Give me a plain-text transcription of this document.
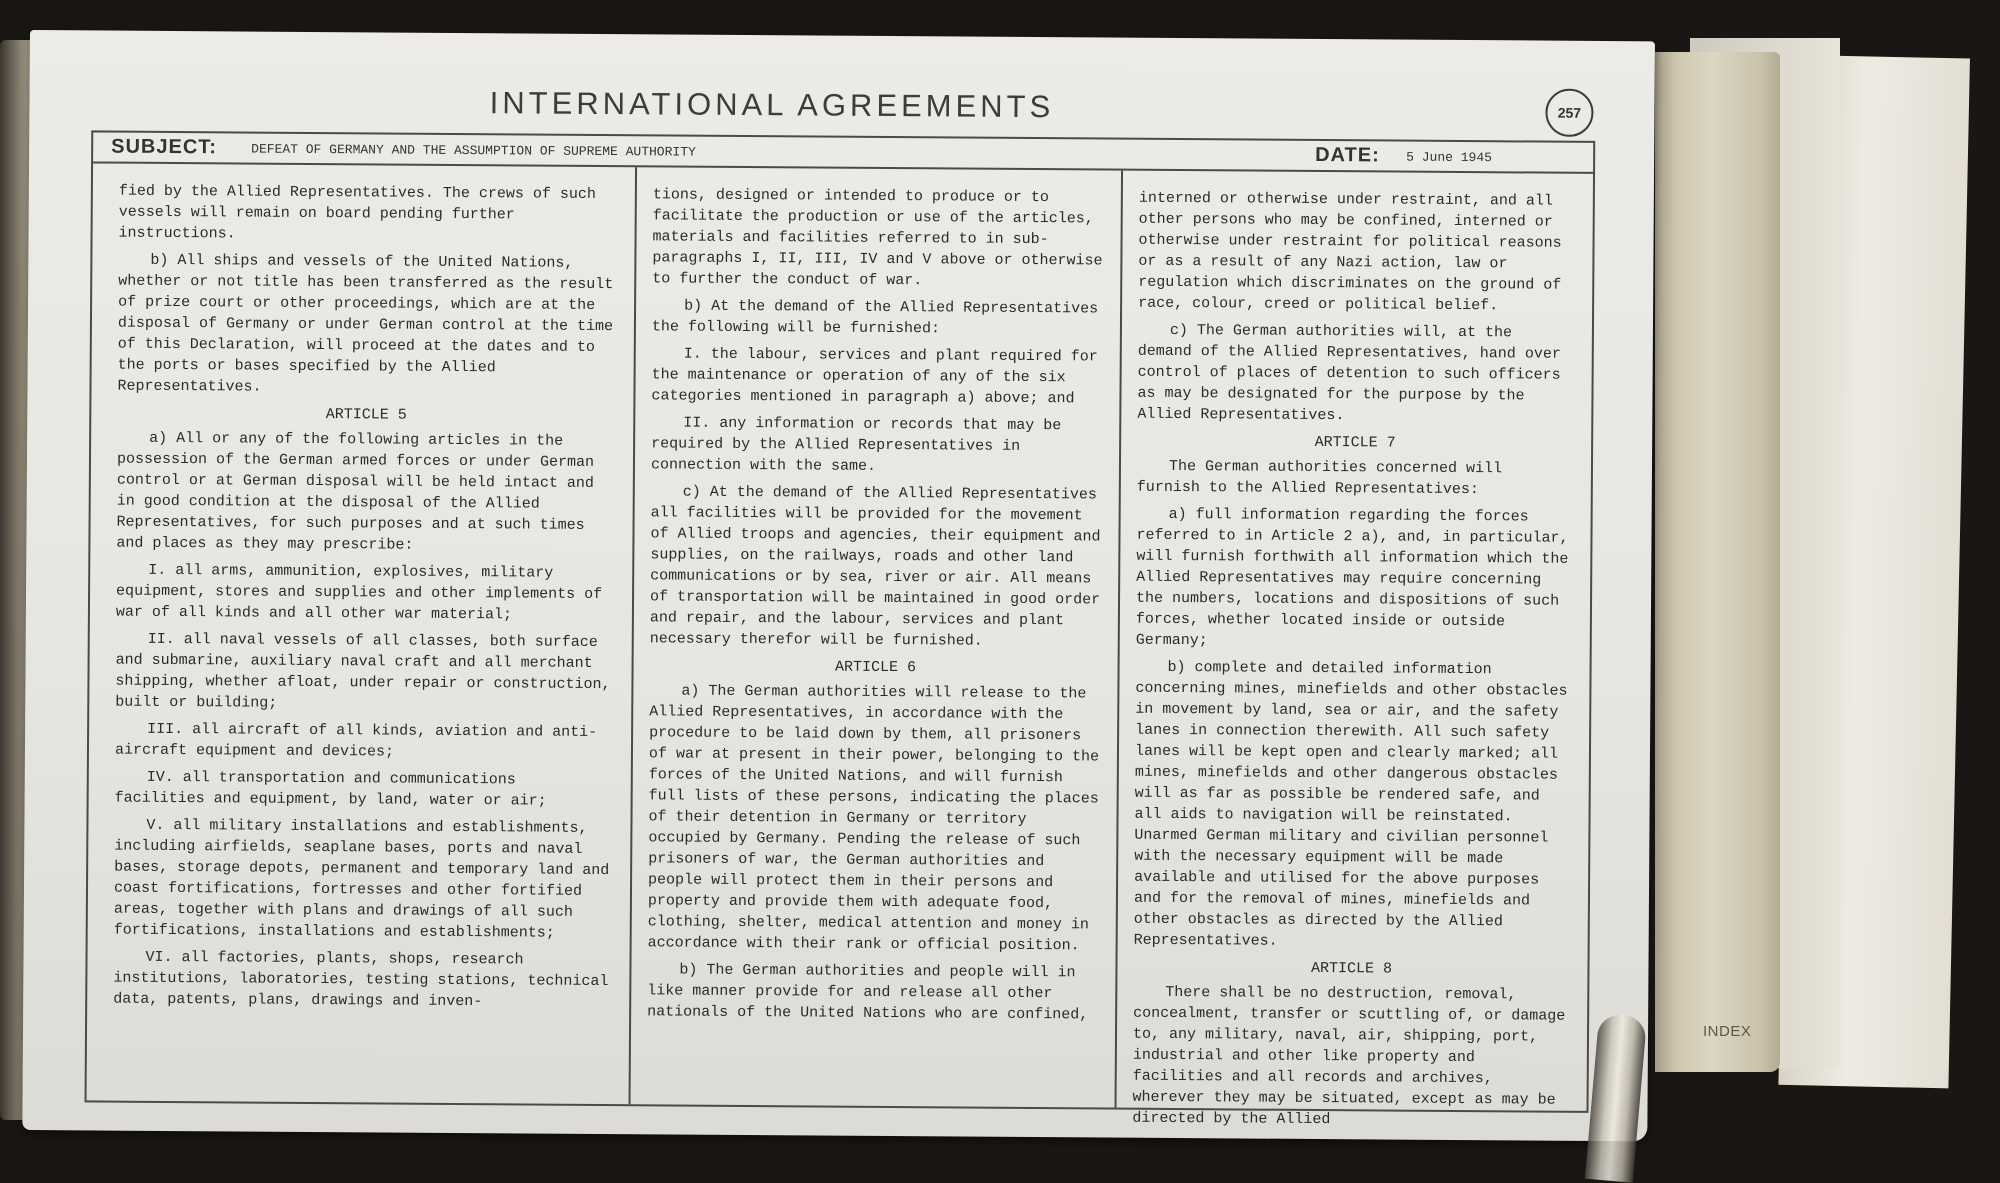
INDEX
INTERNATIONAL AGREEMENTS	257
SUBJECT:	DEFEAT OF GERMANY AND THE ASSUMPTION OF SUPREME AUTHORITY	DATE: 5 June 1945

fied by the Allied Representatives. The crews of such vessels will remain on board pending further instructions.

b) All ships and vessels of the United Nations, whether or not title has been transferred as the result of prize court or other proceedings, which are at the disposal of Germany or under German control at the time of this Declaration, will proceed at the dates and to the ports or bases specified by the Allied Representatives.

ARTICLE 5

a) All or any of the following articles in the possession of the German armed forces or under German control or at German disposal will be held intact and in good condition at the disposal of the Allied Representatives, for such purposes and at such times and places as they may prescribe:

I. all arms, ammunition, explosives, military equipment, stores and supplies and other implements of war of all kinds and all other war material;

II. all naval vessels of all classes, both surface and submarine, auxiliary naval craft and all merchant shipping, whether afloat, under repair or construction, built or building;

III. all aircraft of all kinds, aviation and anti-aircraft equipment and devices;

IV. all transportation and communications facilities and equipment, by land, water or air;

V. all military installations and establishments, including airfields, seaplane bases, ports and naval bases, storage depots, permanent and temporary land and coast fortifications, fortresses and other fortified areas, together with plans and drawings of all such fortifications, installations and establishments;

VI. all factories, plants, shops, research institutions, laboratories, testing stations, technical data, patents, plans, drawings and inven-

tions, designed or intended to produce or to facilitate the production or use of the articles, materials and facilities referred to in sub-paragraphs I, II, III, IV and V above or otherwise to further the conduct of war.

b) At the demand of the Allied Representatives the following will be furnished:

I. the labour, services and plant required for the maintenance or operation of any of the six categories mentioned in paragraph a) above; and

II. any information or records that may be required by the Allied Representatives in connection with the same.

c) At the demand of the Allied Representatives all facilities will be provided for the movement of Allied troops and agencies, their equipment and supplies, on the railways, roads and other land communications or by sea, river or air. All means of transportation will be maintained in good order and repair, and the labour, services and plant necessary therefor will be furnished.

ARTICLE 6

a) The German authorities will release to the Allied Representatives, in accordance with the procedure to be laid down by them, all prisoners of war at present in their power, belonging to the forces of the United Nations, and will furnish full lists of these persons, indicating the places of their detention in Germany or territory occupied by Germany. Pending the release of such prisoners of war, the German authorities and people will protect them in their persons and property and provide them with adequate food, clothing, shelter, medical attention and money in accordance with their rank or official position.

b) The German authorities and people will in like manner provide for and release all other nationals of the United Nations who are confined,

interned or otherwise under restraint, and all other persons who may be confined, interned or otherwise under restraint for political reasons or as a result of any Nazi action, law or regulation which discriminates on the ground of race, colour, creed or political belief.

c) The German authorities will, at the demand of the Allied Representatives, hand over control of places of detention to such officers as may be designated for the purpose by the Allied Representatives.

ARTICLE 7

The German authorities concerned will furnish to the Allied Representatives:

a) full information regarding the forces referred to in Article 2 a), and, in particular, will furnish forthwith all information which the Allied Representatives may require concerning the numbers, locations and dispositions of such forces, whether located inside or outside Germany;

b) complete and detailed information concerning mines, minefields and other obstacles in movement by land, sea or air, and the safety lanes in connection therewith. All such safety lanes will be kept open and clearly marked; all mines, minefields and other dangerous obstacles will as far as possible be rendered safe, and all aids to navigation will be reinstated. Unarmed German military and civilian personnel with the necessary equipment will be made available and utilised for the above purposes and for the removal of mines, minefields and other obstacles as directed by the Allied Representatives.

ARTICLE 8

There shall be no destruction, removal, concealment, transfer or scuttling of, or damage to, any military, naval, air, shipping, port, industrial and other like property and facilities and all records and archives, wherever they may be situated, except as may be directed by the Allied
